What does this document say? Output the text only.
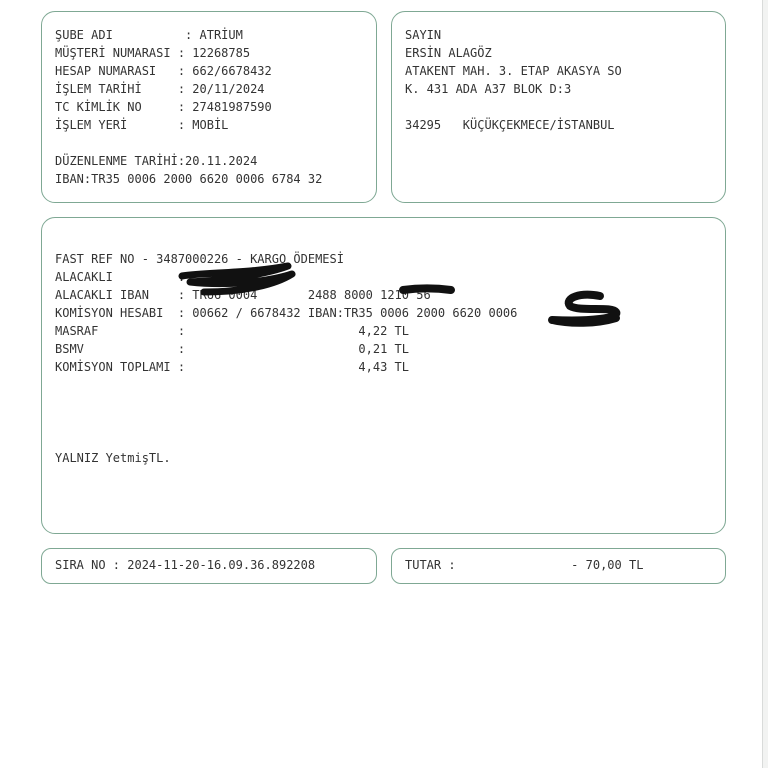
ŞUBE ADI          : ATRİUM
MÜŞTERİ NUMARASI : 12268785
HESAP NUMARASI   : 662/6678432
İŞLEM TARİHİ     : 20/11/2024
TC KİMLİK NO     : 27481987590
İŞLEM YERİ       : MOBİL
DÜZENLENME TARİHİ:20.11.2024
IBAN:TR35 0006 2000 6620 0006 6784 32
SAYIN
ERSİN ALAGÖZ
ATAKENT MAH. 3. ETAP AKASYA SO
K. 431 ADA A37 BLOK D:3
34295   KÜÇÜKÇEKMECE/İSTANBUL
FAST REF NO - 3487000226 - KARGO ÖDEMESİ
ALACAKLI         :
ALACAKLI IBAN    : TR66 0004       2488 8000 1210 56
KOMİSYON HESABI  : 00662 / 6678432 IBAN:TR35 0006 2000 6620 0006
MASRAF           :                        4,22 TL
BSMV             :                        0,21 TL
KOMİSYON TOPLAMI :                        4,43 TL
YALNIZ YetmişTL.
SIRA NO : 2024-11-20-16.09.36.892208	TUTAR :                - 70,00 TL
